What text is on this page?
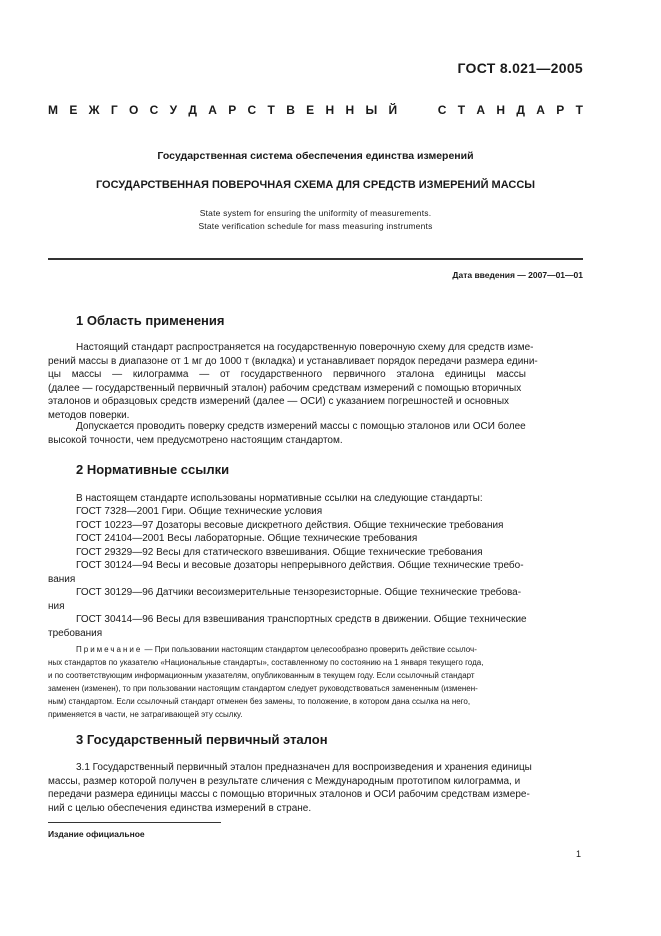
ГОСТ 8.021—2005
М Е Ж Г О С У Д А Р С Т В Е Н Н Ы Й

	С Т А Н Д А Р Т
Государственная система обеспечения единства измерений
ГОСУДАРСТВЕННАЯ ПОВЕРОЧНАЯ СХЕМА ДЛЯ СРЕДСТВ ИЗМЕРЕНИЙ МАССЫ
State system for ensuring the uniformity of measurements.
State verification schedule for mass measuring instruments
Дата введения — 2007—01—01
1 Область применения
Настоящий стандарт распространяется на государственную поверочную схему для средств изме-
рений массы в диапазоне от 1 мг до 1000 т (вкладка) и устанавливает порядок передачи размера едини-
цы массы — килограмма — от государственного первичного эталона единицы массы
(далее — государственный первичный эталон) рабочим средствам измерений с помощью вторичных
эталонов и образцовых средств измерений (далее — ОСИ) с указанием погрешностей и основных
методов поверки.
Допускается проводить поверку средств измерений массы с помощью эталонов или ОСИ более
высокой точности, чем предусмотрено настоящим стандартом.
2 Нормативные ссылки
В настоящем стандарте использованы нормативные ссылки на следующие стандарты:
ГОСТ 7328—2001 Гири. Общие технические условия
ГОСТ 10223—97 Дозаторы весовые дискретного действия. Общие технические требования
ГОСТ 24104—2001 Весы лабораторные. Общие технические требования
ГОСТ 29329—92 Весы для статического взвешивания. Общие технические требования
ГОСТ 30124—94 Весы и весовые дозаторы непрерывного действия. Общие технические требо-
вания
ГОСТ 30129—96 Датчики весоизмерительные тензорезисторные. Общие технические требова-
ния
ГОСТ 30414—96 Весы для взвешивания транспортных средств в движении. Общие технические
требования
Примечание — При пользовании настоящим стандартом целесообразно проверить действие ссылоч-
ных стандартов по указателю «Национальные стандарты», составленному по состоянию на 1 января текущего года,
и по соответствующим информационным указателям, опубликованным в текущем году. Если ссылочный стандарт
заменен (изменен), то при пользовании настоящим стандартом следует руководствоваться замененным (изменен-
ным) стандартом. Если ссылочный стандарт отменен без замены, то положение, в котором дана ссылка на него,
применяется в части, не затрагивающей эту ссылку.
3 Государственный первичный эталон
3.1 Государственный первичный эталон предназначен для воспроизведения и хранения единицы
массы, размер которой получен в результате сличения с Международным прототипом килограмма, и
передачи размера единицы массы с помощью вторичных эталонов и ОСИ рабочим средствам измере-
ний с целью обеспечения единства измерений в стране.
Издание официальное
1
